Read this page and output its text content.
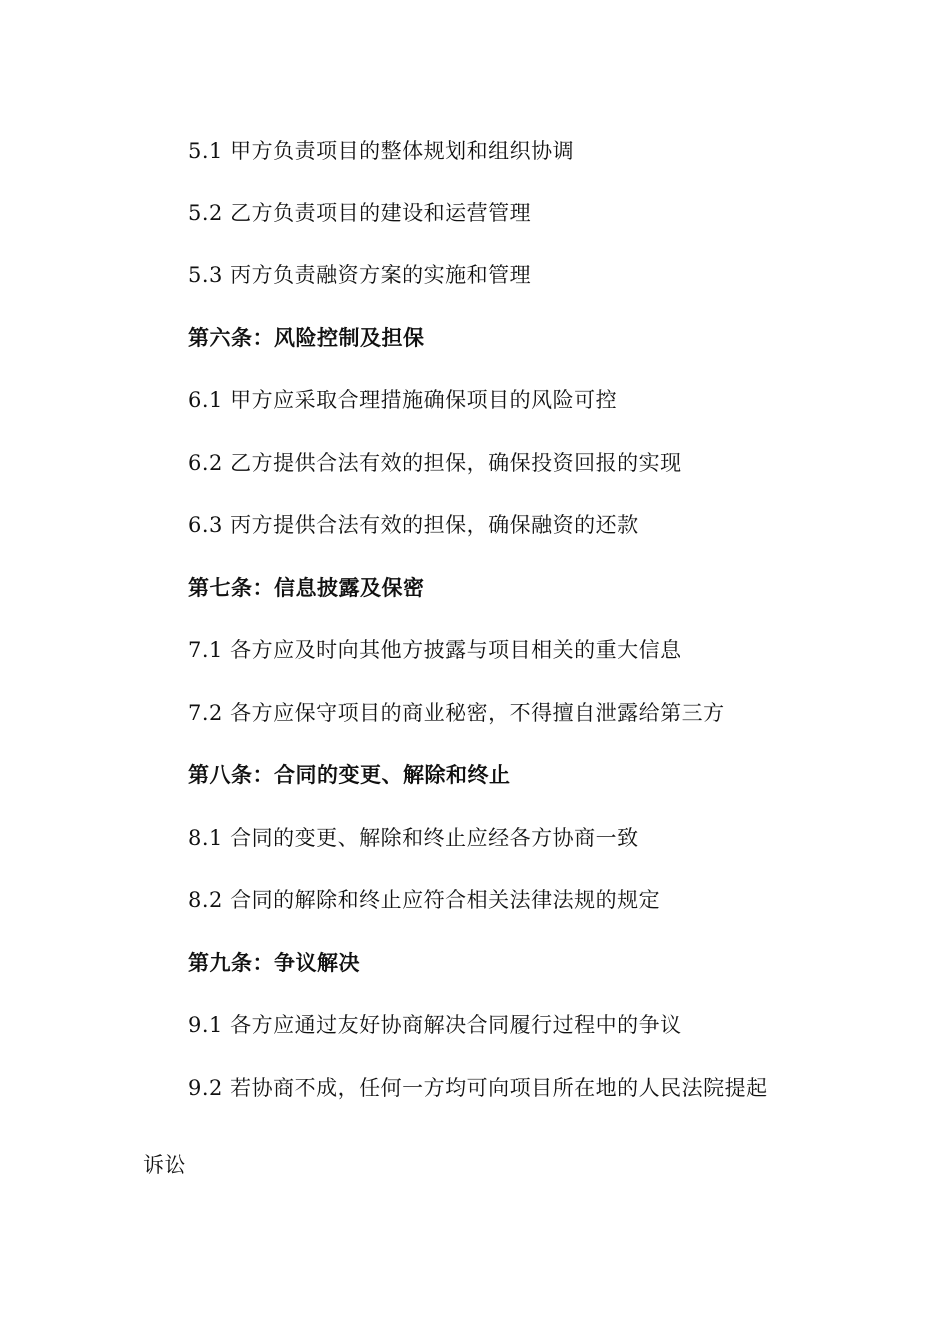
5.1 甲方负责项目的整体规划和组织协调
5.2 乙方负责项目的建设和运营管理
5.3 丙方负责融资方案的实施和管理
第六条：风险控制及担保
6.1 甲方应采取合理措施确保项目的风险可控
6.2 乙方提供合法有效的担保，确保投资回报的实现
6.3 丙方提供合法有效的担保，确保融资的还款
第七条：信息披露及保密
7.1 各方应及时向其他方披露与项目相关的重大信息
7.2 各方应保守项目的商业秘密，不得擅自泄露给第三方
第八条：合同的变更、解除和终止
8.1 合同的变更、解除和终止应经各方协商一致
8.2 合同的解除和终止应符合相关法律法规的规定
第九条：争议解决
9.1 各方应通过友好协商解决合同履行过程中的争议
9.2 若协商不成，任何一方均可向项目所在地的人民法院提起
诉讼
